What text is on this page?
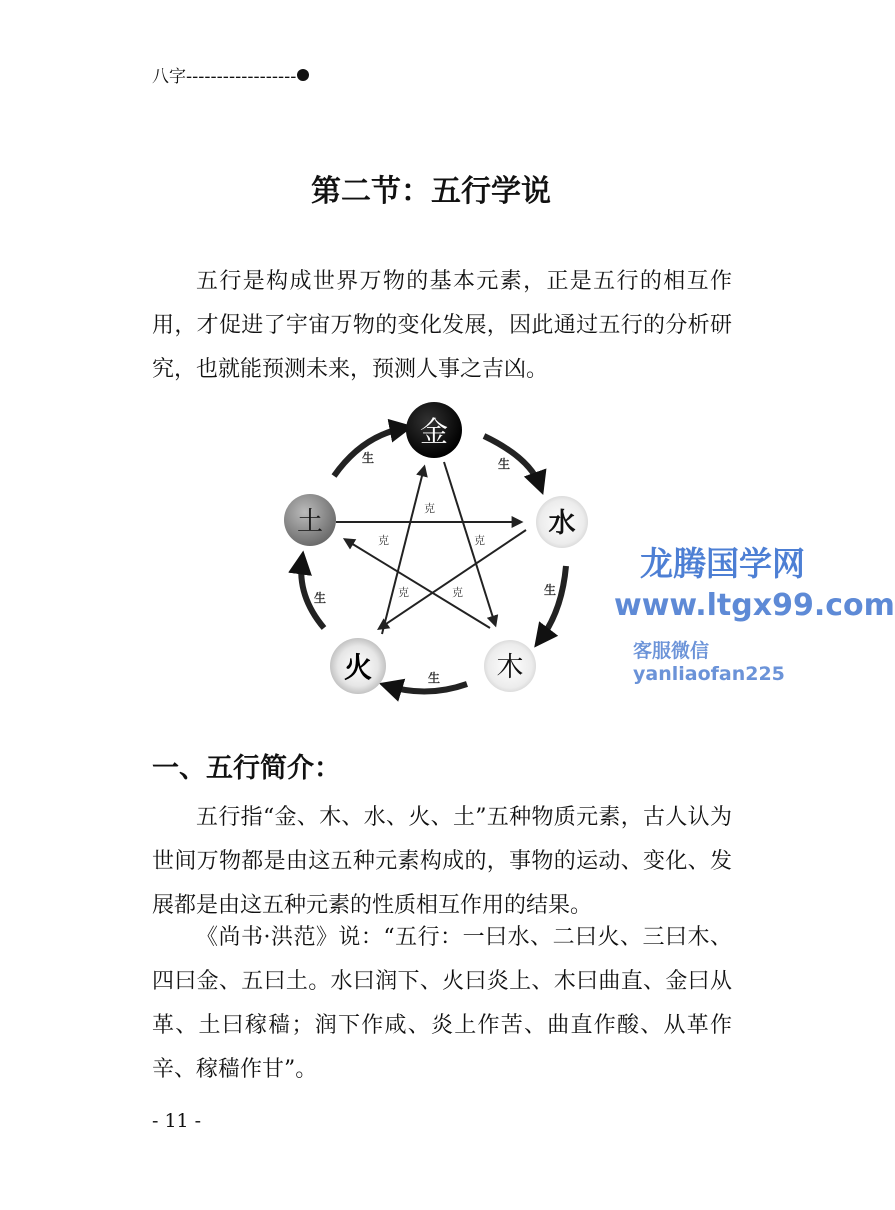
八字------------------
第二节：五行学说
五行是构成世界万物的基本元素，正是五行的相互作用，才促进了宇宙万物的变化发展，因此通过五行的分析研究，也就能预测未来，预测人事之吉凶。
金
水
木
火
土
生	生
生
生
生
克
克	克
克	克
一、五行简介：
五行指“金、木、水、火、土”五种物质元素，古人认为世间万物都是由这五种元素构成的，事物的运动、变化、发展都是由这五种元素的性质相互作用的结果。
《尚书·洪范》说：“五行：一曰水、二曰火、三曰木、四曰金、五曰土。水曰润下、火曰炎上、木曰曲直、金曰从革、土曰稼穑；润下作咸、炎上作苦、曲直作酸、从革作辛、稼穑作甘”。
- 11 -
龙腾国学网
www.ltgx99.com
客服微信 yanliaofan225
